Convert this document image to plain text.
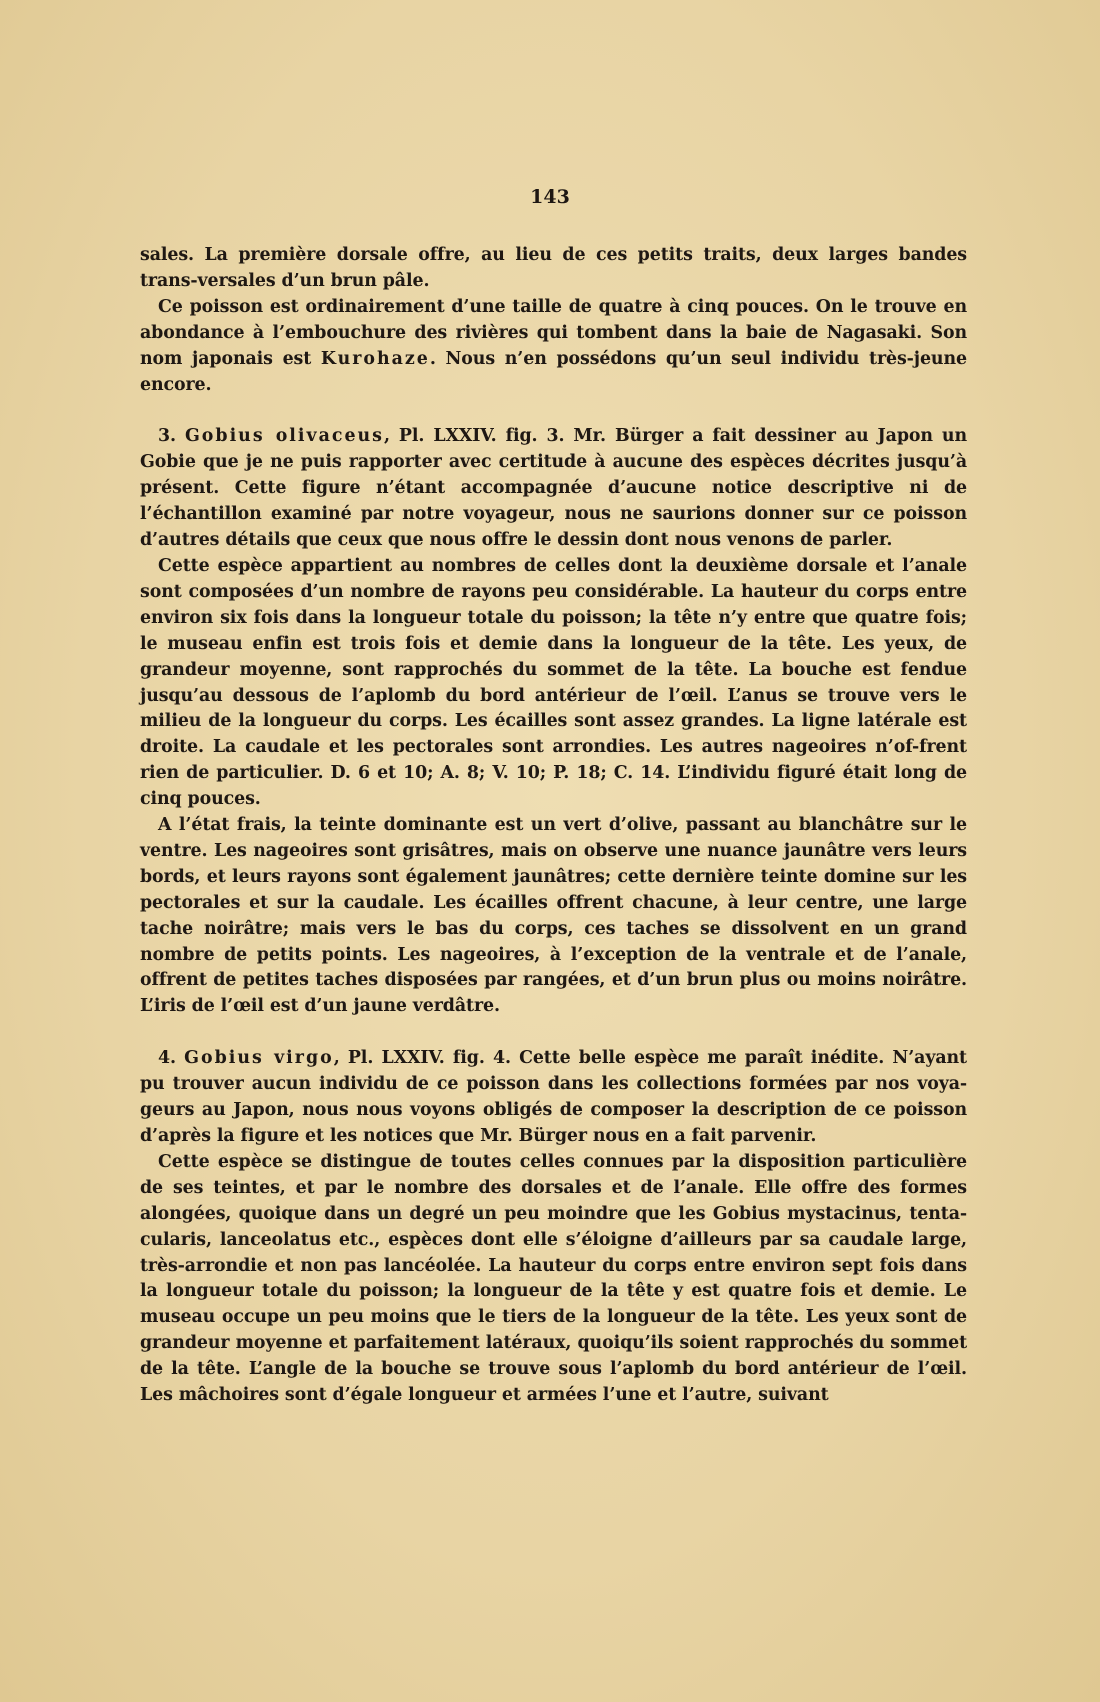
143

sales. La première dorsale offre, au lieu de ces petits traits, deux larges bandes trans-versales d’un brun pâle.

Ce poisson est ordinairement d’une taille de quatre à cinq pouces. On le trouve en abondance à l’embouchure des rivières qui tombent dans la baie de Nagasaki. Son nom japonais est Kurohaze. Nous n’en possédons qu’un seul individu très-jeune encore.

3. Gobius olivaceus, Pl. LXXIV. fig. 3. Mr. Bürger a fait dessiner au Japon un Gobie que je ne puis rapporter avec certitude à aucune des espèces décrites jusqu’à présent. Cette figure n’étant accompagnée d’aucune notice descriptive ni de l’échantillon examiné par notre voyageur, nous ne saurions donner sur ce poisson d’autres détails que ceux que nous offre le dessin dont nous venons de parler.

Cette espèce appartient au nombres de celles dont la deuxième dorsale et l’anale sont composées d’un nombre de rayons peu considérable. La hauteur du corps entre environ six fois dans la longueur totale du poisson; la tête n’y entre que quatre fois; le museau enfin est trois fois et demie dans la longueur de la tête. Les yeux, de grandeur moyenne, sont rapprochés du sommet de la tête. La bouche est fendue jusqu’au dessous de l’aplomb du bord antérieur de l’œil. L’anus se trouve vers le milieu de la longueur du corps. Les écailles sont assez grandes. La ligne latérale est droite. La caudale et les pectorales sont arrondies. Les autres nageoires n’of-frent rien de particulier. D. 6 et 10; A. 8; V. 10; P. 18; C. 14. L’individu figuré était long de cinq pouces.

A l’état frais, la teinte dominante est un vert d’olive, passant au blanchâtre sur le ventre. Les nageoires sont grisâtres, mais on observe une nuance jaunâtre vers leurs bords, et leurs rayons sont également jaunâtres; cette dernière teinte domine sur les pectorales et sur la caudale. Les écailles offrent chacune, à leur centre, une large tache noirâtre; mais vers le bas du corps, ces taches se dissolvent en un grand nombre de petits points. Les nageoires, à l’exception de la ventrale et de l’anale, offrent de petites taches disposées par rangées, et d’un brun plus ou moins noirâtre. L’iris de l’œil est d’un jaune verdâtre.

4. Gobius virgo, Pl. LXXIV. fig. 4. Cette belle espèce me paraît inédite. N’ayant pu trouver aucun individu de ce poisson dans les collections formées par nos voya-geurs au Japon, nous nous voyons obligés de composer la description de ce poisson d’après la figure et les notices que Mr. Bürger nous en a fait parvenir.

Cette espèce se distingue de toutes celles connues par la disposition particulière de ses teintes, et par le nombre des dorsales et de l’anale. Elle offre des formes alongées, quoique dans un degré un peu moindre que les Gobius mystacinus, tenta-cularis, lanceolatus etc., espèces dont elle s’éloigne d’ailleurs par sa caudale large, très-arrondie et non pas lancéolée. La hauteur du corps entre environ sept fois dans la longueur totale du poisson; la longueur de la tête y est quatre fois et demie. Le museau occupe un peu moins que le tiers de la longueur de la tête. Les yeux sont de grandeur moyenne et parfaitement latéraux, quoiqu’ils soient rapprochés du sommet de la tête. L’angle de la bouche se trouve sous l’aplomb du bord antérieur de l’œil. Les mâchoires sont d’égale longueur et armées l’une et l’autre, suivant
